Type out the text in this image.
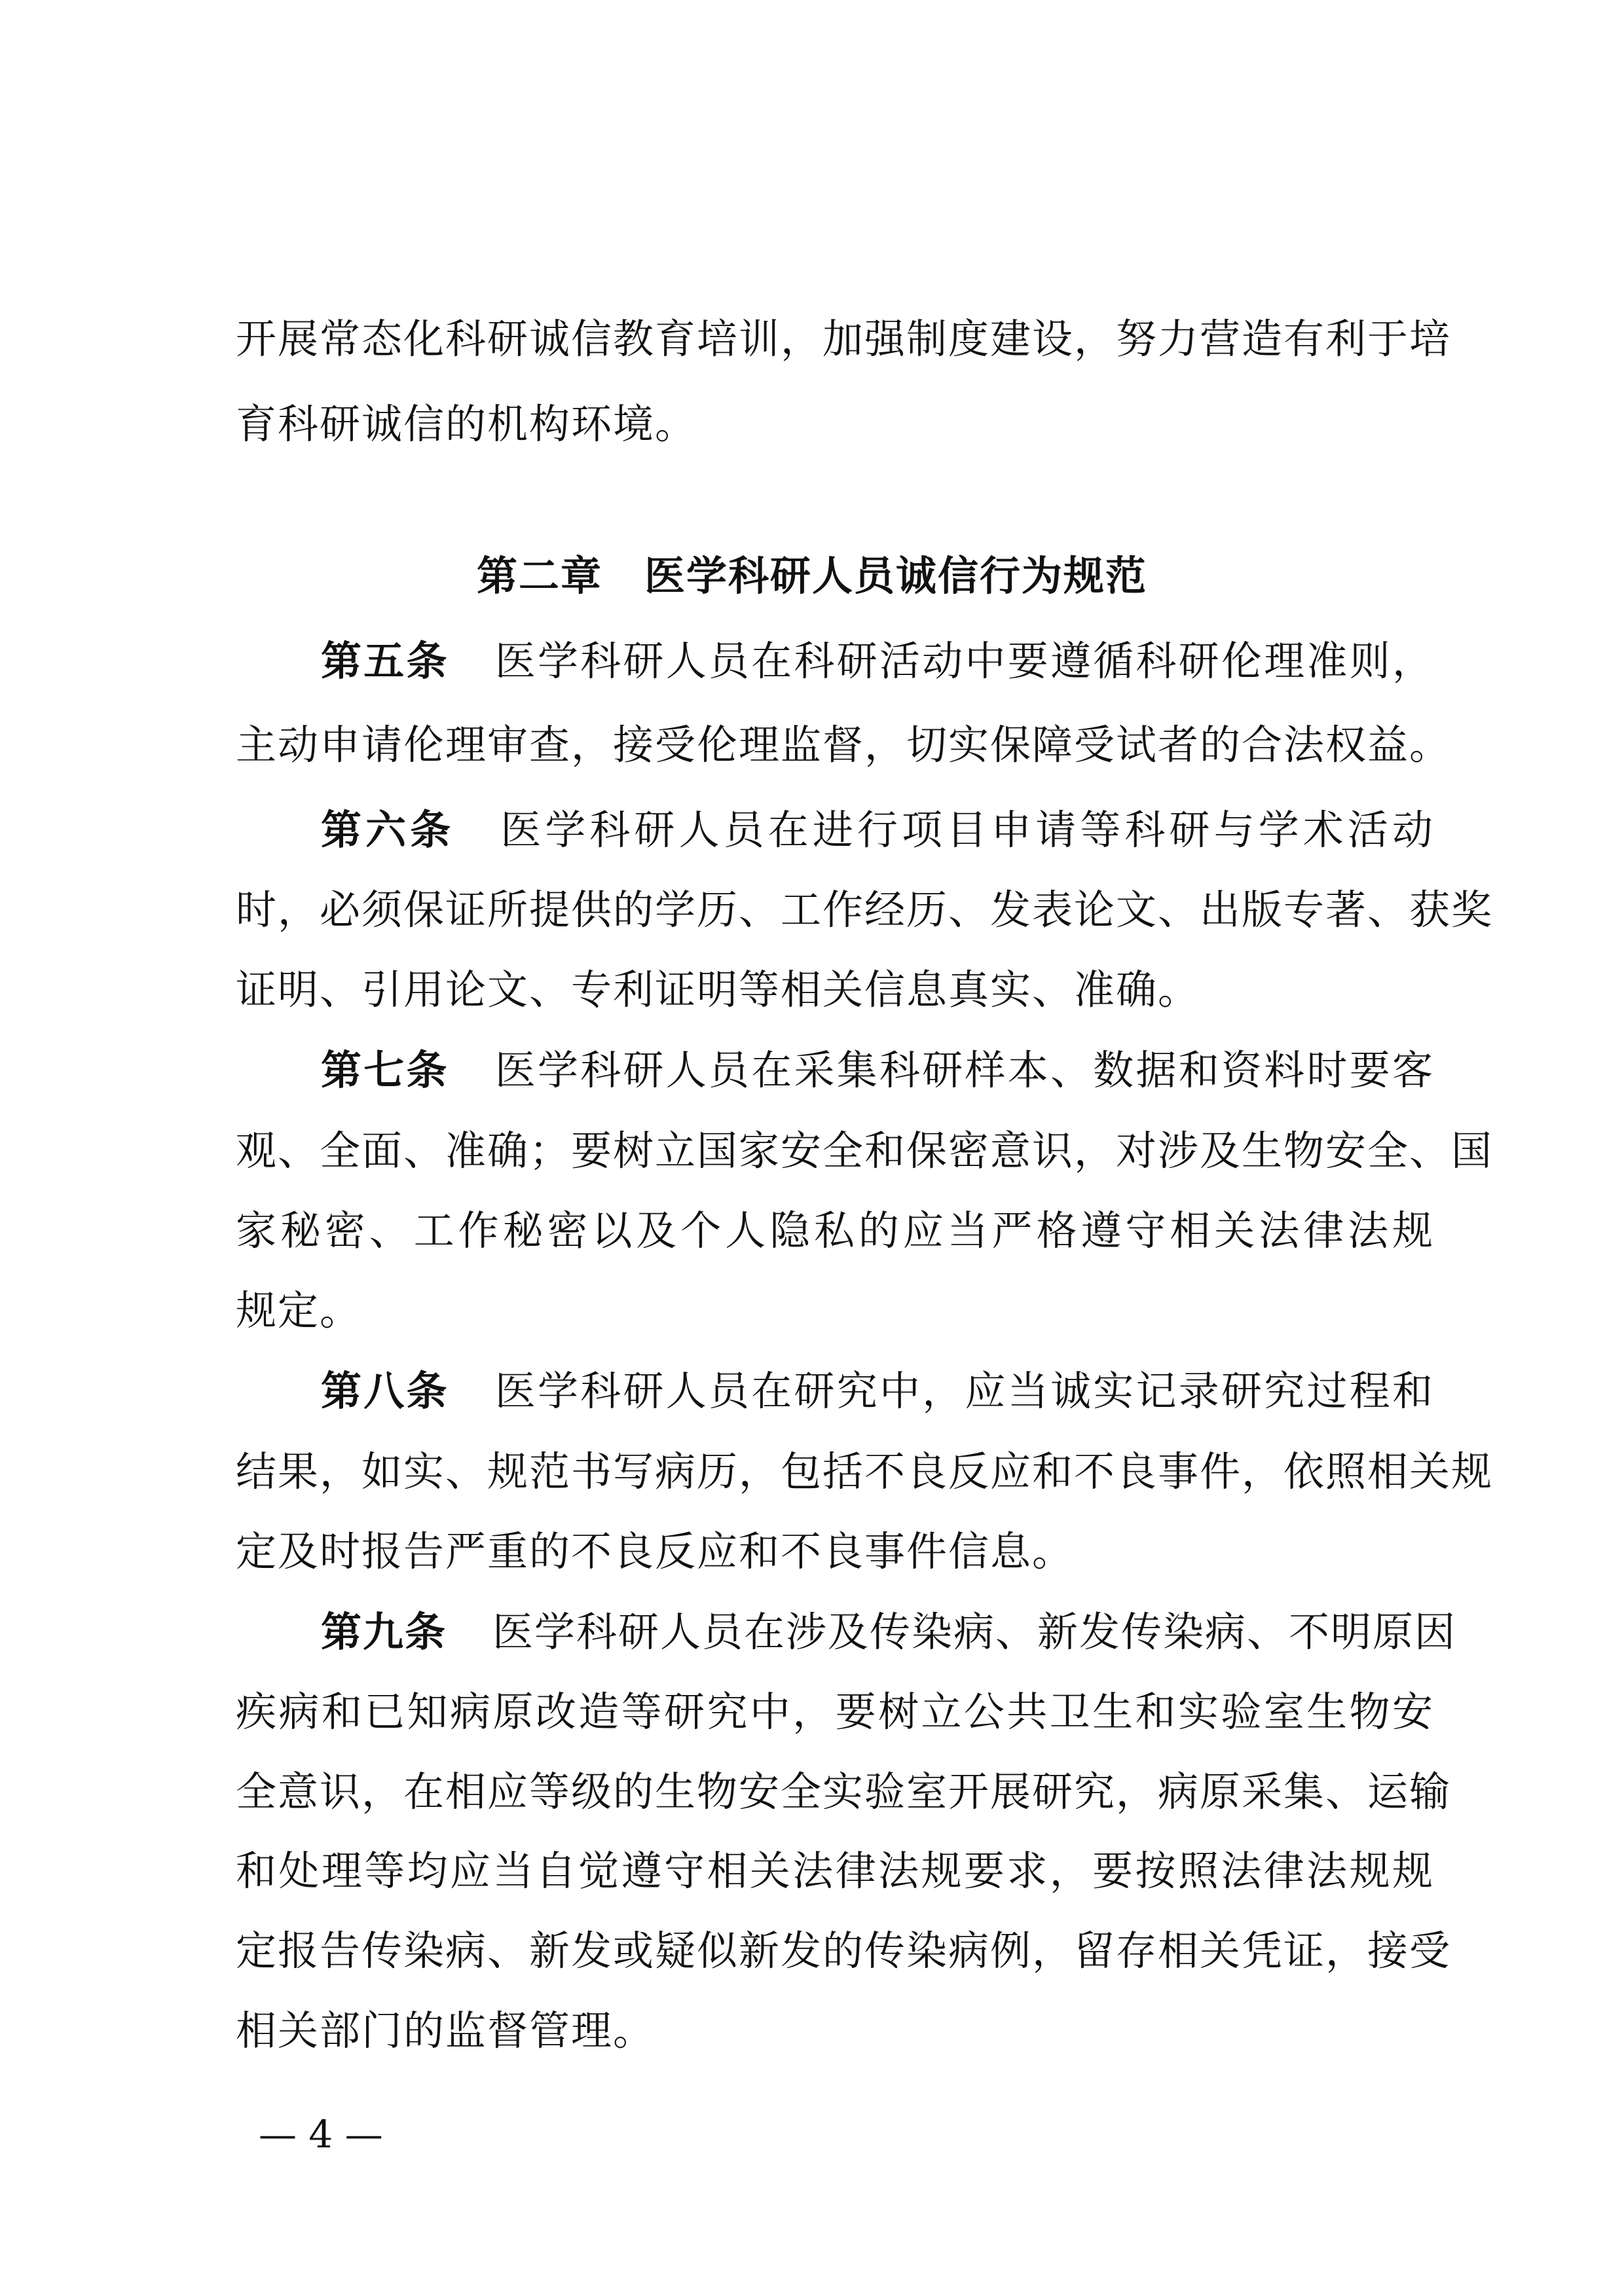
开展常态化科研诚信教育培训，加强制度建设，努力营造有利于培
育科研诚信的机构环境。
第二章　医学科研人员诚信行为规范
第五条 医学科研人员在科研活动中要遵循科研伦理准则，
主动申请伦理审查，接受伦理监督，切实保障受试者的合法权益。
第六条 医学科研人员在进行项目申请等科研与学术活动
时，必须保证所提供的学历、工作经历、发表论文、出版专著、获奖
证明、引用论文、专利证明等相关信息真实、准确。
第七条 医学科研人员在采集科研样本、数据和资料时要客
观、全面、准确；要树立国家安全和保密意识，对涉及生物安全、国
家秘密、工作秘密以及个人隐私的应当严格遵守相关法律法规
规定。
第八条 医学科研人员在研究中，应当诚实记录研究过程和
结果，如实、规范书写病历，包括不良反应和不良事件，依照相关规
定及时报告严重的不良反应和不良事件信息。
第九条 医学科研人员在涉及传染病、新发传染病、不明原因
疾病和已知病原改造等研究中，要树立公共卫生和实验室生物安
全意识，在相应等级的生物安全实验室开展研究，病原采集、运输
和处理等均应当自觉遵守相关法律法规要求，要按照法律法规规
定报告传染病、新发或疑似新发的传染病例，留存相关凭证，接受
相关部门的监督管理。
— 4 —
